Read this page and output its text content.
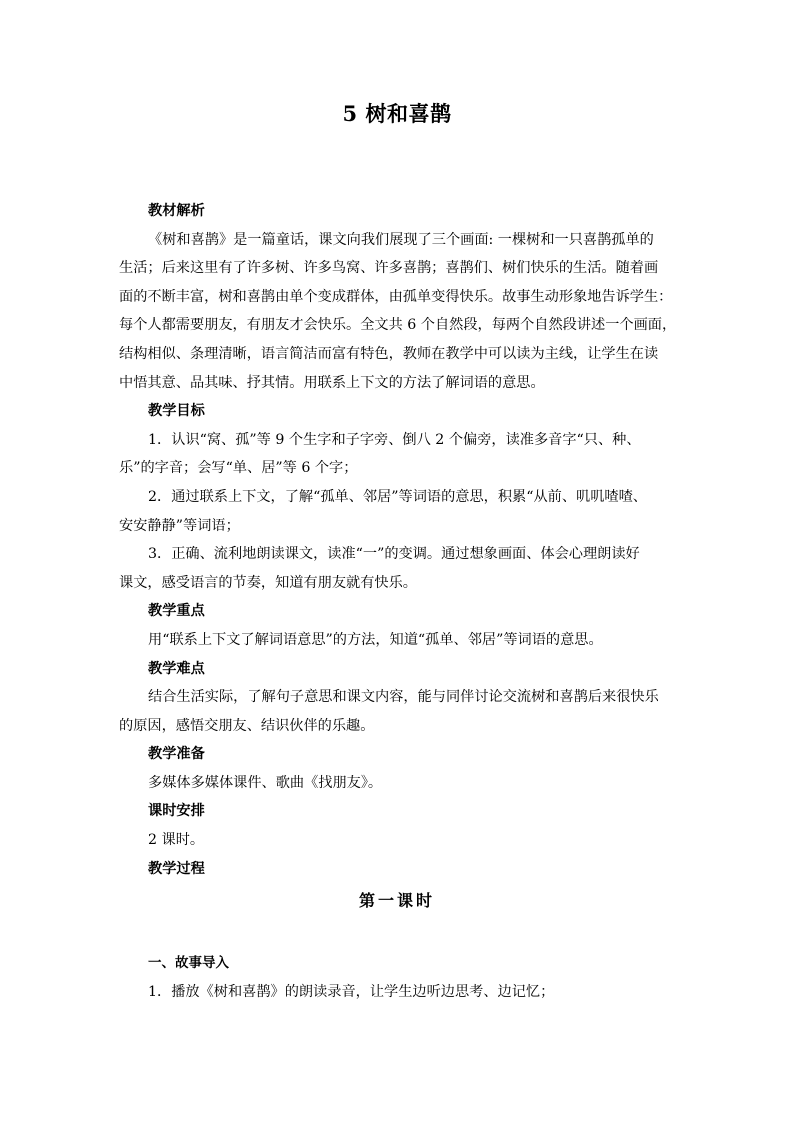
5 树和喜鹊
教材解析
《树和喜鹊》是一篇童话，课文向我们展现了三个画面: 一棵树和一只喜鹊孤单的
生活；后来这里有了许多树、许多鸟窝、许多喜鹊；喜鹊们、树们快乐的生活。随着画
面的不断丰富，树和喜鹊由单个变成群体，由孤单变得快乐。故事生动形象地告诉学生：
每个人都需要朋友，有朋友才会快乐。全文共 6 个自然段，每两个自然段讲述一个画面，
结构相似、条理清晰，语言简洁而富有特色，教师在教学中可以读为主线，让学生在读
中悟其意、品其味、抒其情。用联系上下文的方法了解词语的意思。
教学目标
1．认识“窝、孤”等 9 个生字和子字旁、倒八 2 个偏旁，读准多音字“只、种、
乐”的字音；会写“单、居”等 6 个字；
2．通过联系上下文，了解“孤单、邻居”等词语的意思，积累“从前、叽叽喳喳、
安安静静”等词语；
3．正确、流利地朗读课文，读准“一”的变调。通过想象画面、体会心理朗读好
课文，感受语言的节奏，知道有朋友就有快乐。
教学重点
用“联系上下文了解词语意思”的方法，知道“孤单、邻居”等词语的意思。
教学难点
结合生活实际，了解句子意思和课文内容，能与同伴讨论交流树和喜鹊后来很快乐
的原因，感悟交朋友、结识伙伴的乐趣。
教学准备
多媒体多媒体课件、歌曲《找朋友》。
课时安排
2 课时。
教学过程
第一课时
一、故事导入
1．播放《树和喜鹊》的朗读录音，让学生边听边思考、边记忆；
